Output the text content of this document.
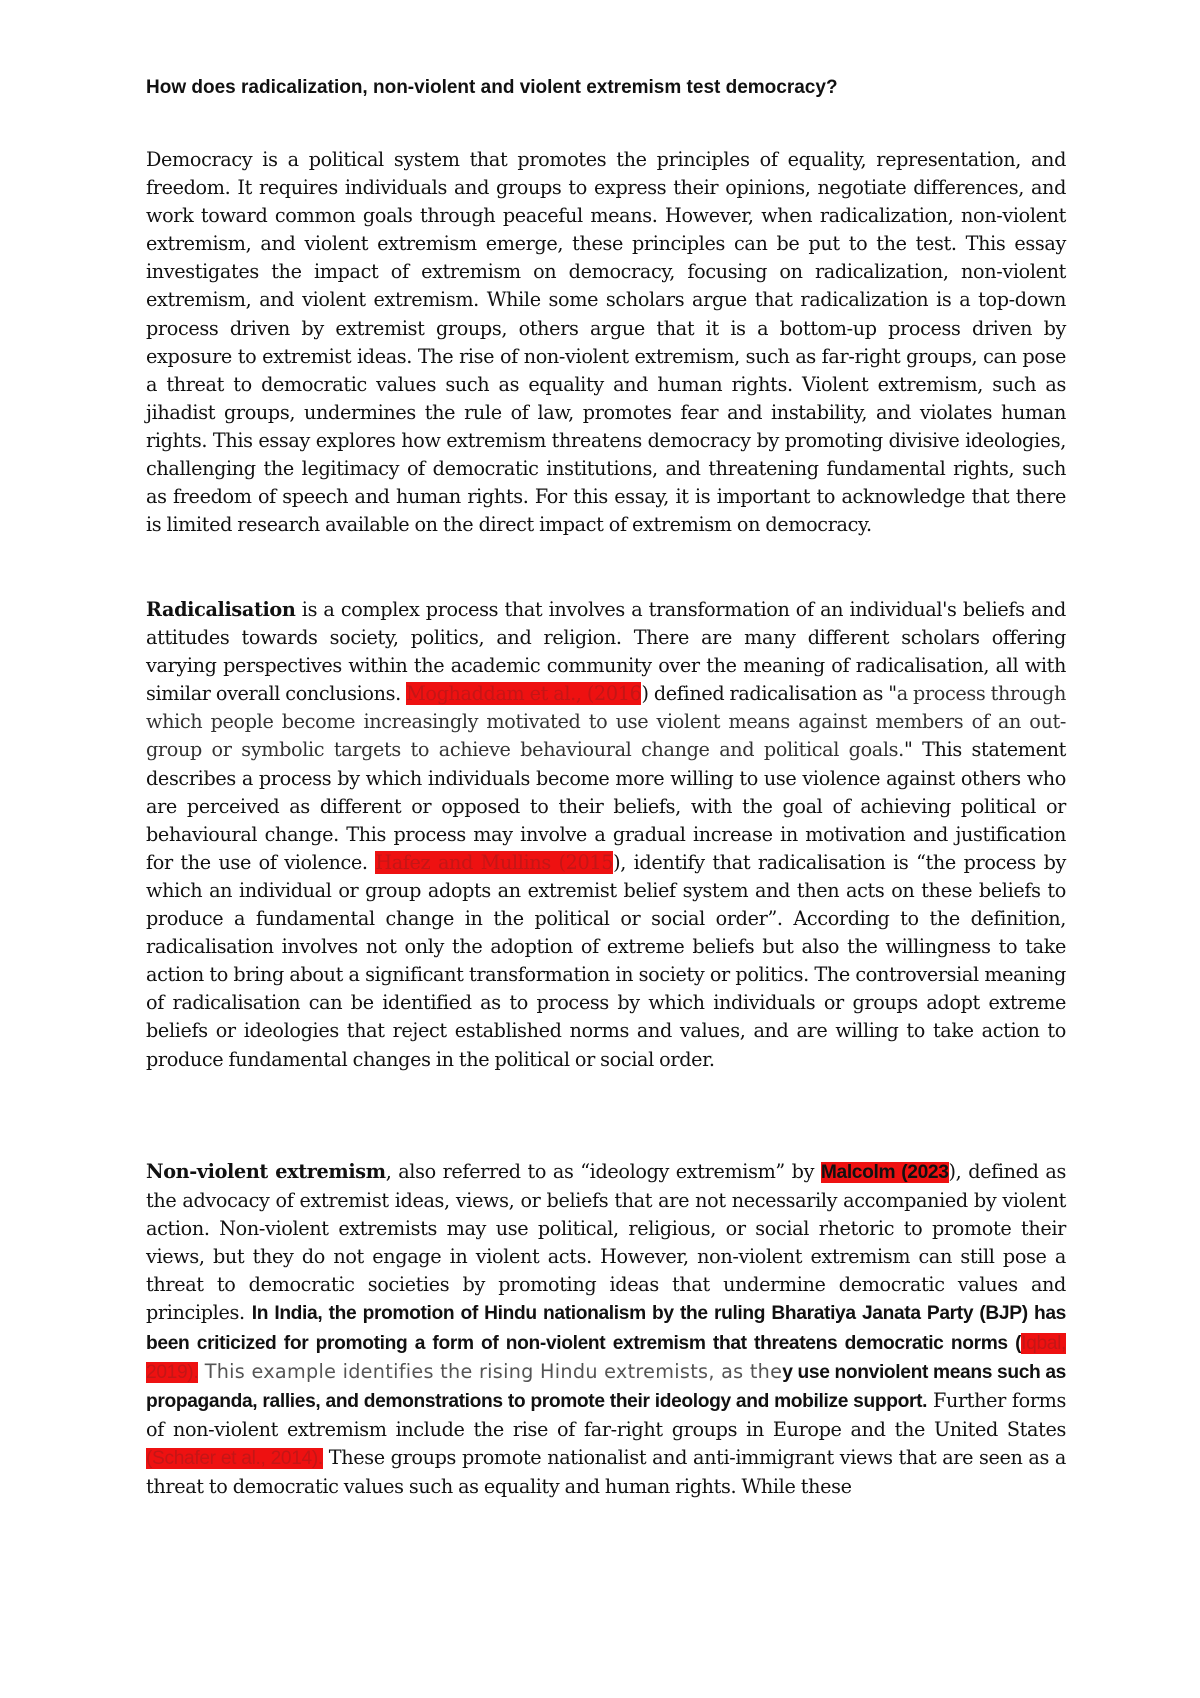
How does radicalization, non-violent and violent extremism test democracy?

Democracy is a political system that promotes the principles of equality, representation, and freedom. It requires individuals and groups to express their opinions, negotiate differences, and work toward common goals through peaceful means. However, when radicalization, non-violent extremism, and violent extremism emerge, these principles can be put to the test. This essay investigates the impact of extremism on democracy, focusing on radicalization, non-violent extremism, and violent extremism. While some scholars argue that radicalization is a top-down process driven by extremist groups, others argue that it is a bottom-up process driven by exposure to extremist ideas. The rise of non-violent extremism, such as far-right groups, can pose a threat to democratic values such as equality and human rights. Violent extremism, such as jihadist groups, undermines the rule of law, promotes fear and instability, and violates human rights. This essay explores how extremism threatens democracy by promoting divisive ideologies, challenging the legitimacy of democratic institutions, and threatening fundamental rights, such as freedom of speech and human rights. For this essay, it is important to acknowledge that there is limited research available on the direct impact of extremism on democracy.

Radicalisation is a complex process that involves a transformation of an individual's beliefs and attitudes towards society, politics, and religion. There are many different scholars offering varying perspectives within the academic community over the meaning of radicalisation, all with similar overall conclusions. Moghaddam et al., (2016) defined radicalisation as "a process through which people become increasingly motivated to use violent means against members of an out-group or symbolic targets to achieve behavioural change and political goals." This statement describes a process by which individuals become more willing to use violence against others who are perceived as different or opposed to their beliefs, with the goal of achieving political or behavioural change. This process may involve a gradual increase in motivation and justification for the use of violence. Hafez and Mullins (2015), identify that radicalisation is “the process by which an individual or group adopts an extremist belief system and then acts on these beliefs to produce a fundamental change in the political or social order”. According to the definition, radicalisation involves not only the adoption of extreme beliefs but also the willingness to take action to bring about a significant transformation in society or politics. The controversial meaning of radicalisation can be identified as to process by which individuals or groups adopt extreme beliefs or ideologies that reject established norms and values, and are willing to take action to produce fundamental changes in the political or social order.

Non-violent extremism, also referred to as “ideology extremism” by Malcolm (2023), defined as the advocacy of extremist ideas, views, or beliefs that are not necessarily accompanied by violent action. Non-violent extremists may use political, religious, or social rhetoric to promote their views, but they do not engage in violent acts. However, non-violent extremism can still pose a threat to democratic societies by promoting ideas that undermine democratic values and principles. In India, the promotion of Hindu nationalism by the ruling Bharatiya Janata Party (BJP) has been criticized for promoting a form of non-violent extremism that threatens democratic norms (Iqbal, 2019). This example identifies the rising Hindu extremists, as they use nonviolent means such as propaganda, rallies, and demonstrations to promote their ideology and mobilize support. Further forms of non-violent extremism include the rise of far-right groups in Europe and the United States (Schafer et al., 2014). These groups promote nationalist and anti-immigrant views that are seen as a threat to democratic values such as equality and human rights. While these
